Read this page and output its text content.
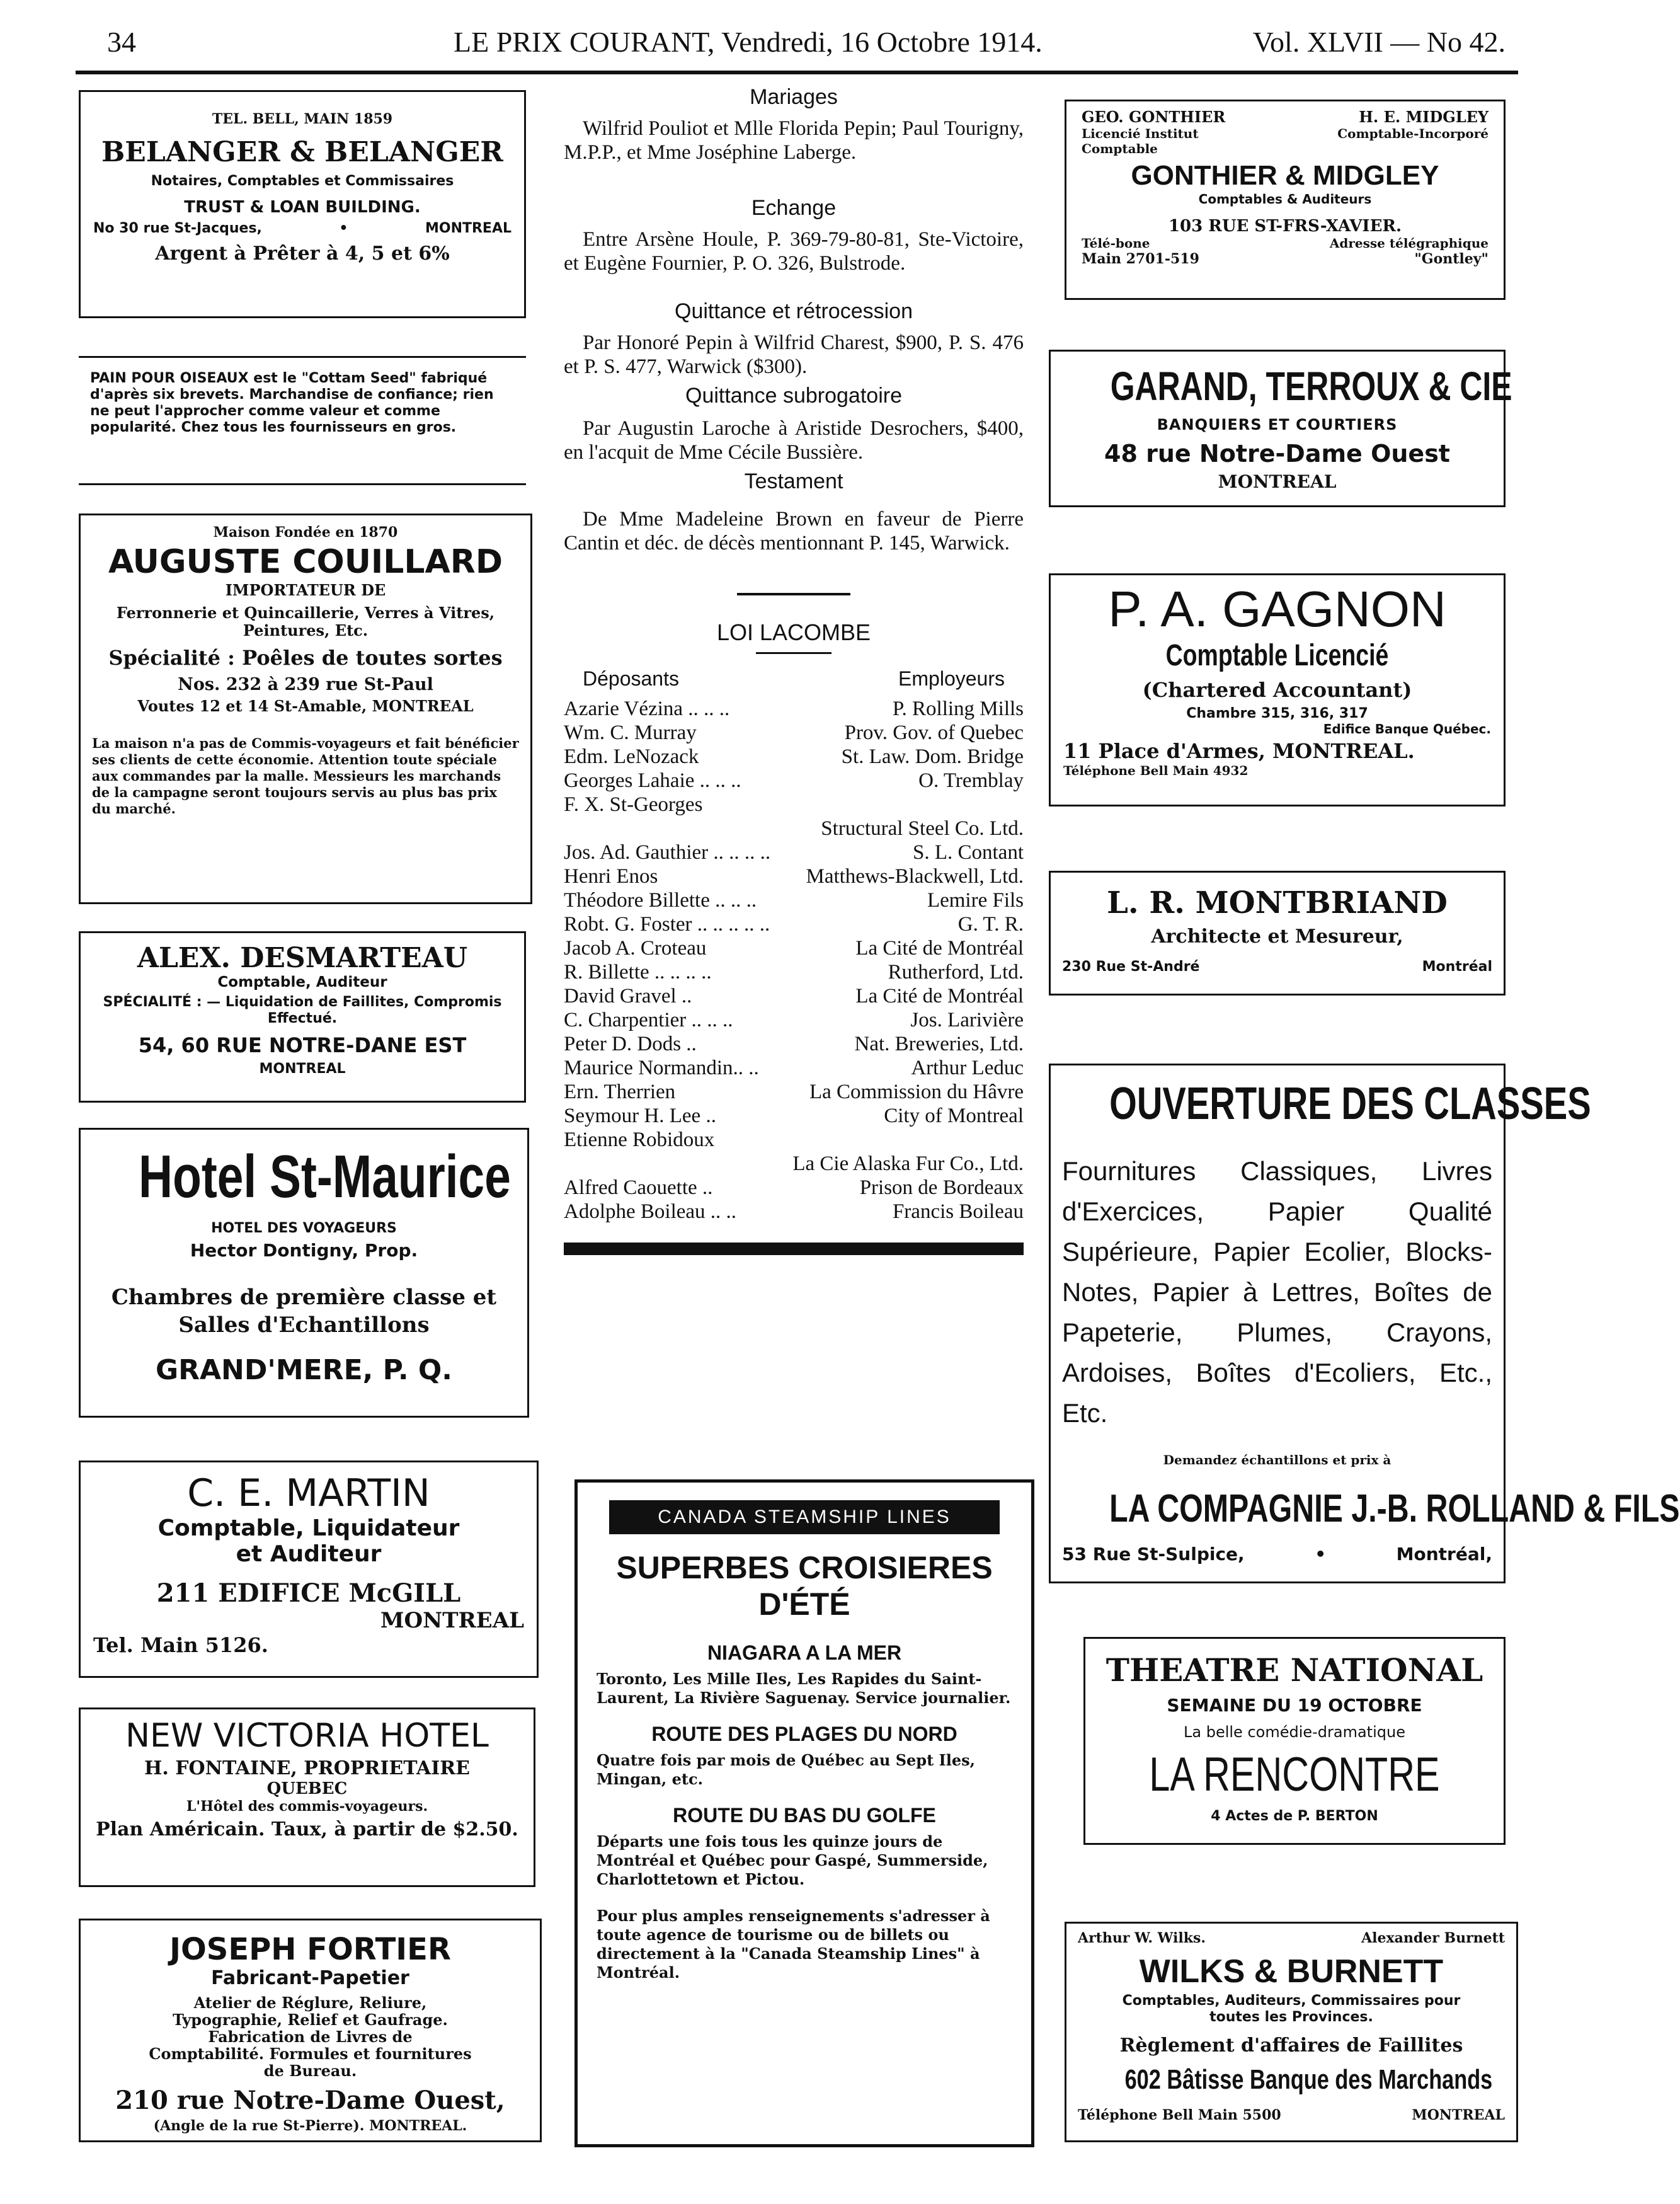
34	LE PRIX COURANT, Vendredi, 16 Octobre 1914.	Vol. XLVII — No 42.
TEL. BELL, MAIN 1859
BELANGER & BELANGER
Notaires, Comptables et Commissaires
TRUST & LOAN BUILDING.
No 30 rue St-Jacques,	•	MONTREAL
Argent à Prêter à 4, 5 et 6%
PAIN POUR OISEAUX est le "Cottam Seed" fabriqué d'après six brevets. Marchandise de confiance; rien ne peut l'approcher comme valeur et comme popularité. Chez tous les fournisseurs en gros.
Maison Fondée en 1870
AUGUSTE COUILLARD
IMPORTATEUR DE
Ferronnerie et Quincaillerie, Verres à Vitres, Peintures, Etc.
Spécialité : Poêles de toutes sortes
Nos. 232 à 239 rue St-Paul
Voutes 12 et 14 St-Amable, MONTREAL
La maison n'a pas de Commis-voyageurs et fait bénéficier ses clients de cette économie. Attention toute spéciale aux commandes par la malle. Messieurs les marchands de la campagne seront toujours servis au plus bas prix du marché.
ALEX. DESMARTEAU
Comptable, Auditeur
SPÉCIALITÉ : — Liquidation de Faillites, Compromis Effectué.
54, 60 RUE NOTRE-DANE EST
MONTREAL
Hotel St-Maurice
HOTEL DES VOYAGEURS
Hector Dontigny, Prop.
Chambres de première classe et Salles d'Echantillons
GRAND'MERE, P. Q.
C. E. MARTIN
Comptable, Liquidateur
et Auditeur
211 EDIFICE McGILL
MONTREAL
Tel. Main 5126.
NEW VICTORIA HOTEL
H. FONTAINE, PROPRIETAIRE
QUEBEC
L'Hôtel des commis-voyageurs.
Plan Américain. Taux, à partir de $2.50.
JOSEPH FORTIER
Fabricant-Papetier
Atelier de Réglure, Reliure, Typographie, Relief et Gaufrage. Fabrication de Livres de Comptabilité. Formules et fournitures de Bureau.
210 rue Notre-Dame Ouest,
(Angle de la rue St-Pierre). MONTREAL.
Mariages

Wilfrid Pouliot et Mlle Florida Pepin; Paul Tourigny, M.P.P., et Mme Joséphine Laberge.

Echange

Entre Arsène Houle, P. 369-79-80-81, Ste-Victoire, et Eugène Fournier, P. O. 326, Bulstrode.

Quittance et rétrocession

Par Honoré Pepin à Wilfrid Charest, $900, P. S. 476 et P. S. 477, Warwick ($300).

Quittance subrogatoire

Par Augustin Laroche à Aristide Desrochers, $400, en l'acquit de Mme Cécile Bussière.

Testament

De Mme Madeleine Brown en faveur de Pierre Cantin et déc. de décès mentionnant P. 145, Warwick.

LOI LACOMBE
Déposants	Employeurs
Azarie Vézina .. .. ..	P. Rolling Mills
Wm. C. Murray	Prov. Gov. of Quebec
Edm. LeNozack	St. Law. Dom. Bridge
Georges Lahaie .. .. ..	O. Tremblay
F. X. St-Georges
Structural Steel Co. Ltd.
Jos. Ad. Gauthier .. .. .. ..	S. L. Contant
Henri Enos	Matthews-Blackwell, Ltd.
Théodore Billette .. .. ..	Lemire Fils
Robt. G. Foster .. .. .. .. ..	G. T. R.
Jacob A. Croteau	La Cité de Montréal
R. Billette .. .. .. ..	Rutherford, Ltd.
David Gravel ..	La Cité de Montréal
C. Charpentier .. .. ..	Jos. Larivière
Peter D. Dods ..	Nat. Breweries, Ltd.
Maurice Normandin.. ..	Arthur Leduc
Ern. Therrien	La Commission du Hâvre
Seymour H. Lee ..	City of Montreal
Etienne Robidoux
La Cie Alaska Fur Co., Ltd.
Alfred Caouette ..	Prison de Bordeaux
Adolphe Boileau .. ..	Francis Boileau
CANADA STEAMSHIP LINES
SUPERBES CROISIERES
D'ÉTÉ
NIAGARA A LA MER
Toronto, Les Mille Iles, Les Rapides du Saint-Laurent, La Rivière Saguenay. Service journalier.
ROUTE DES PLAGES DU NORD
Quatre fois par mois de Québec au Sept Iles, Mingan, etc.
ROUTE DU BAS DU GOLFE
Départs une fois tous les quinze jours de Montréal et Québec pour Gaspé, Summerside, Charlottetown et Pictou.
Pour plus amples renseignements s'adresser à toute agence de tourisme ou de billets ou directement à la "Canada Steamship Lines" à Montréal.
GEO. GONTHIER	H. E. MIDGLEY
Licencié Institut	Comptable-Incorporé
Comptable
GONTHIER & MIDGLEY
Comptables & Auditeurs
103 RUE ST-FRS-XAVIER.
Télé-bone	Adresse télégraphique
Main 2701-519	"Gontley"
GARAND, TERROUX & CIE
BANQUIERS ET COURTIERS
48 rue Notre-Dame Ouest
MONTREAL
P. A. GAGNON
Comptable Licencié
(Chartered Accountant)
Chambre 315, 316, 317
Edifice Banque Québec.
11 Place d'Armes, MONTREAL.
Téléphone Bell Main 4932
L. R. MONTBRIAND
Architecte et Mesureur,
230 Rue St-André	Montréal
OUVERTURE DES CLASSES
Fournitures Classiques, Livres d'Exercices, Papier Qualité Supérieure, Papier Ecolier, Blocks-Notes, Papier à Lettres, Boîtes de Papeterie, Plumes, Crayons, Ardoises, Boîtes d'Ecoliers, Etc., Etc.
Demandez échantillons et prix à
LA COMPAGNIE J.-B. ROLLAND & FILS
53 Rue St-Sulpice,	•	Montréal,
THEATRE NATIONAL
SEMAINE DU 19 OCTOBRE
La belle comédie-dramatique
LA RENCONTRE
4 Actes de P. BERTON
Arthur W. Wilks.	Alexander Burnett
WILKS & BURNETT
Comptables, Auditeurs, Commissaires pour toutes les Provinces.
Règlement d'affaires de Faillites
602 Bâtisse Banque des Marchands
Téléphone Bell Main 5500	MONTREAL
